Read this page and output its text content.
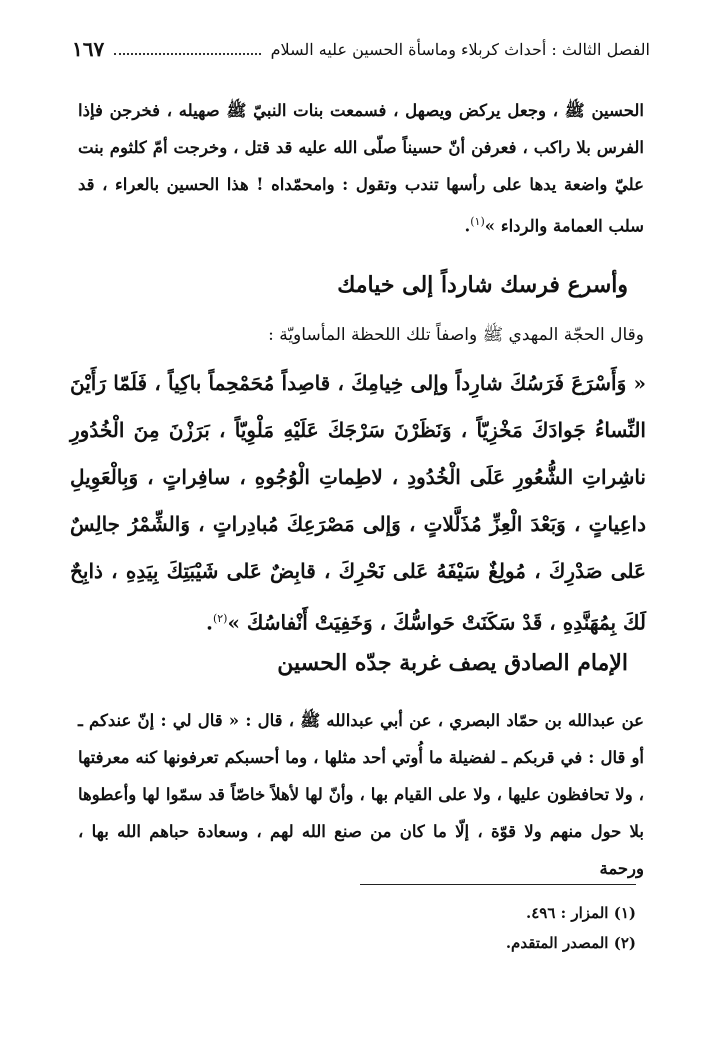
الفصل الثالث : أحداث كربلاء وماسأة الحسين عليه السلام
١٦٧
الحسين ﷺ ، وجعل يركض ويصهل ، فسمعت بنات النبيّ ﷺ صهيله ، فخرجن فإذا الفرس بلا راكب ، فعرفن أنّ حسيناً صلّى الله عليه قد قتل ، وخرجت أمّ كلثوم بنت عليّ واضعة يدها على رأسها تندب وتقول : وامحمّداه ! هذا الحسين بالعراء ، قد سلب العمامة والرداء »$^{(١)}$.
وأسرع فرسك شارداً إلى خيامك
وقال الحجّة المهدي ﷺ واصفاً تلك اللحظة المأساويّة :
« وَأَسْرَعَ فَرَسُكَ شارِداً وإلى خِيامِكَ ، قاصِداً مُحَمْحِماً باكِياً ، فَلَمّا رَأَيْنَ النِّساءُ جَوادَكَ مَخْزِيّاً ، وَنَظَرْنَ سَرْجَكَ عَلَيْهِ مَلْوِيّاً ، بَرَزْنَ مِنَ الْخُدُورِ ناشِراتِ الشُّعُورِ عَلَى الْخُدُودِ ، لاطِماتِ الْوُجُوهِ ، سافِراتٍ ، وَبِالْعَوِيلِ داعِياتٍ ، وَبَعْدَ الْعِزِّ مُذَلَّلاتٍ ، وَإلى مَصْرَعِكَ مُبادِراتٍ ، وَالشِّمْرُ جالِسٌ عَلى صَدْرِكَ ، مُولِغٌ سَيْفَهُ عَلى نَحْرِكَ ، قابِضٌ عَلى شَيْبَتِكَ بِيَدِهِ ، ذابِحٌ لَكَ بِمُهَنَّدِهِ ، قَدْ سَكَنَتْ حَواسُّكَ ، وَخَفِيَتْ أَنْفاسُكَ »$^{(٢)}$.
الإمام الصادق يصف غربة جدّه الحسين
عن عبدالله بن حمّاد البصري ، عن أبي عبدالله ﷺ ، قال : « قال لي : إنّ عندكم ـ أو قال : في قربكم ـ لفضيلة ما أُوتي أحد مثلها ، وما أحسبكم تعرفونها كنه معرفتها ، ولا تحافظون عليها ، ولا على القيام بها ، وأنّ لها لأهلاً خاصّاً قد سمّوا لها وأعطوها بلا حول منهم ولا قوّة ، إلّا ما كان من صنع الله لهم ، وسعادة حباهم الله بها ، ورحمة
(١) المزار : ٤٩٦.
(٢) المصدر المتقدم.
